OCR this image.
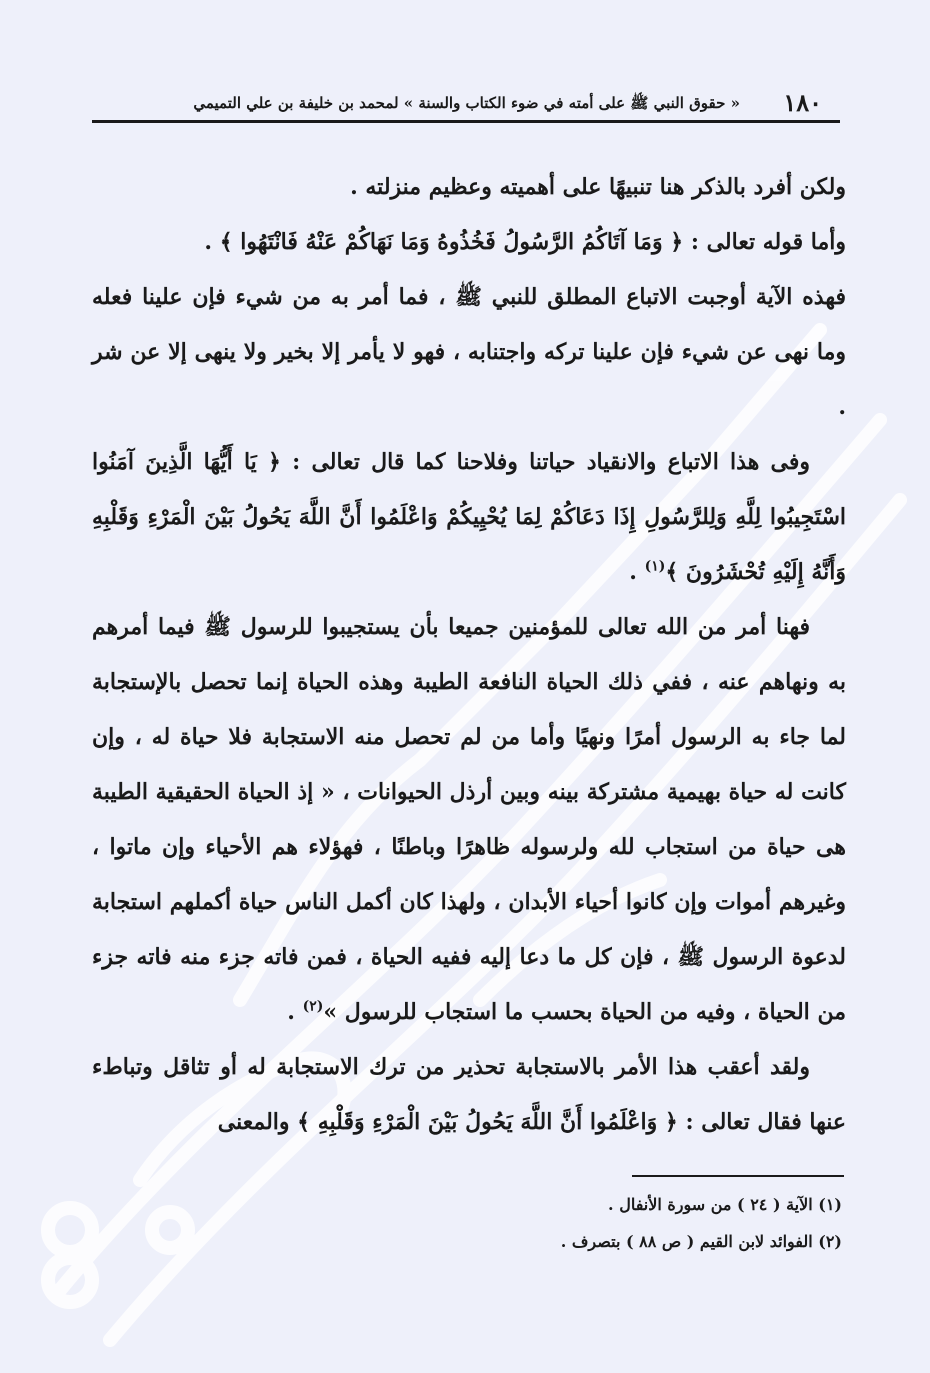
١٨٠
« حقوق النبي ﷺ على أمته في ضوء الكتاب والسنة » لمحمد بن خليفة بن علي التميمي

ولكن أفرد بالذكر هنا تنبيهًا على أهميته وعظيم منزلته .

وأما قوله تعالى : ﴿ وَمَا آتَاكُمُ الرَّسُولُ فَخُذُوهُ وَمَا نَهَاكُمْ عَنْهُ فَانْتَهُوا ﴾ .

فهذه الآية أوجبت الاتباع المطلق للنبي ﷺ ، فما أمر به من شيء فإن علينا فعله وما نهى عن شيء فإن علينا تركه واجتنابه ، فهو لا يأمر إلا بخير ولا ينهى إلا عن شر .

وفى هذا الاتباع والانقياد حياتنا وفلاحنا كما قال تعالى : ﴿ يَا أَيُّهَا الَّذِينَ آمَنُوا اسْتَجِيبُوا لِلَّهِ وَلِلرَّسُولِ إِذَا دَعَاكُمْ لِمَا يُحْيِيكُمْ وَاعْلَمُوا أَنَّ اللَّهَ يَحُولُ بَيْنَ الْمَرْءِ وَقَلْبِهِ وَأَنَّهُ إِلَيْهِ تُحْشَرُونَ ﴾$^{(١)}$ .

فهنا أمر من الله تعالى للمؤمنين جميعا بأن يستجيبوا للرسول ﷺ فيما أمرهم به ونهاهم عنه ، ففي ذلك الحياة النافعة الطيبة وهذه الحياة إنما تحصل بالإستجابة لما جاء به الرسول أمرًا ونهيًا وأما من لم تحصل منه الاستجابة فلا حياة له ، وإن كانت له حياة بهيمية مشتركة بينه وبين أرذل الحيوانات ، « إذ الحياة الحقيقية الطيبة هى حياة من استجاب لله ولرسوله ظاهرًا وباطنًا ، فهؤلاء هم الأحياء وإن ماتوا ، وغيرهم أموات وإن كانوا أحياء الأبدان ، ولهذا كان أكمل الناس حياة أكملهم استجابة لدعوة الرسول ﷺ ، فإن كل ما دعا إليه ففيه الحياة ، فمن فاته جزء منه فاته جزء من الحياة ، وفيه من الحياة بحسب ما استجاب للرسول »$^{(٢)}$ .

ولقد أعقب هذا الأمر بالاستجابة تحذير من ترك الاستجابة له أو تثاقل وتباطء عنها فقال تعالى : ﴿ وَاعْلَمُوا أَنَّ اللَّهَ يَحُولُ بَيْنَ الْمَرْءِ وَقَلْبِهِ ﴾ والمعنى

(١) الآية ( ٢٤ ) من سورة الأنفال .

(٢) الفوائد لابن القيم ( ص ٨٨ ) بتصرف .
